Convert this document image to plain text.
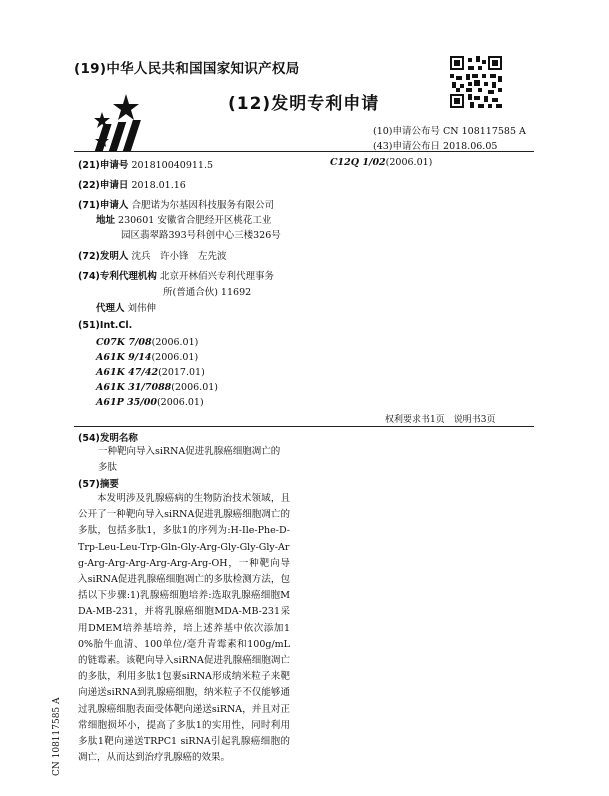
(19)中华人民共和国国家知识产权局
(12)发明专利申请
(10)申请公布号 CN 108117585 A
(43)申请公布日 2018.06.05
(21)申请号 201810040911.5
(22)申请日 2018.01.16
(71)申请人 合肥诺为尔基因科技服务有限公司
地址 230601 安徽省合肥经开区桃花工业
园区翡翠路393号科创中心三楼326号
(72)发明人 沈兵　许小锋　左先波
(74)专利代理机构 北京开林佰兴专利代理事务
所(普通合伙) 11692
代理人 刘伟伸
(51)Int.Cl.
C07K 7/08(2006.01)
A61K 9/14(2006.01)
A61K 47/42(2017.01)
A61K 31/7088(2006.01)
A61P 35/00(2006.01)
C12Q 1/02(2006.01)
权利要求书1页　说明书3页
(54)发明名称
一种靶向导入siRNA促进乳腺癌细胞凋亡的多肽
(57)摘要
本发明涉及乳腺癌病的生物防治技术领域，且公开了一种靶向导入siRNA促进乳腺癌细胞凋亡的多肽，包括多肽1，多肽1的序列为:H-Ile-Phe-D-Trp-Leu-Leu-Trp-Gln-Gly-Arg-Gly-Gly-Gly-Arg-Arg-Arg-Arg-Arg-Arg-Arg-OH，一种靶向导入siRNA促进乳腺癌细胞凋亡的多肽检测方法，包括以下步骤:1)乳腺癌细胞培养:选取乳腺癌细胞MDA-MB-231，并将乳腺癌细胞MDA-MB-231采用DMEM培养基培养，培上述养基中依次添加10%胎牛血清、100单位/毫升青霉素和100g/mL的链霉素。该靶向导入siRNA促进乳腺癌细胞凋亡的多肽，利用多肽1包裹siRNA形成纳米粒子来靶向递送siRNA到乳腺癌细胞，纳米粒子不仅能够通过乳腺癌细胞表面受体靶向递送siRNA，并且对正常细胞损坏小，提高了多肽1的实用性，同时利用多肽1靶向递送TRPC1 siRNA引起乳腺癌细胞的凋亡，从而达到治疗乳腺癌的效果。
CN 108117585 A
